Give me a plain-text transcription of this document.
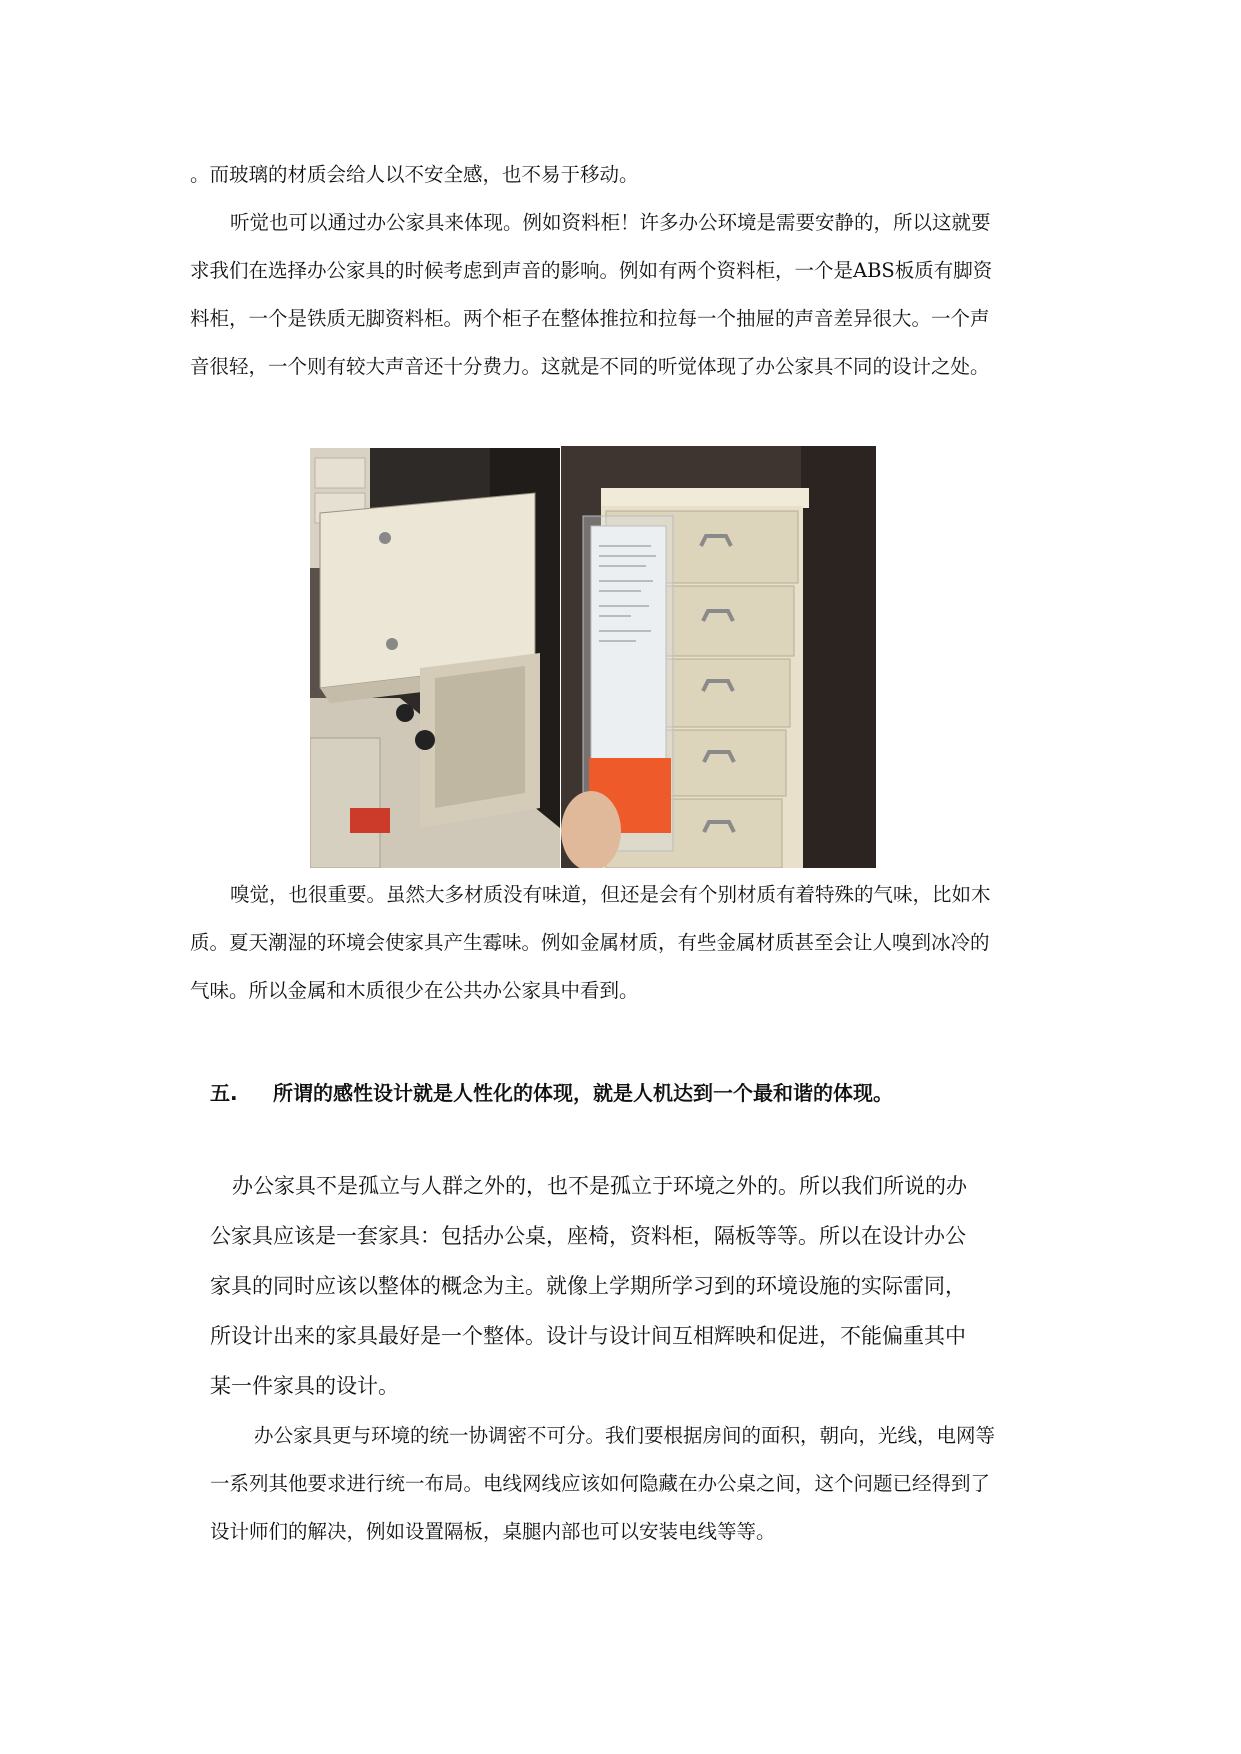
。而玻璃的材质会给人以不安全感，也不易于移动。
听觉也可以通过办公家具来体现。例如资料柜！许多办公环境是需要安静的，所以这就要
求我们在选择办公家具的时候考虑到声音的影响。例如有两个资料柜，一个是ABS板质有脚资
料柜，一个是铁质无脚资料柜。两个柜子在整体推拉和拉每一个抽屉的声音差异很大。一个声
音很轻，一个则有较大声音还十分费力。这就是不同的听觉体现了办公家具不同的设计之处。
嗅觉，也很重要。虽然大多材质没有味道，但还是会有个别材质有着特殊的气味，比如木
质。夏天潮湿的环境会使家具产生霉味。例如金属材质，有些金属材质甚至会让人嗅到冰冷的
气味。所以金属和木质很少在公共办公家具中看到。
五. 所谓的感性设计就是人性化的体现，就是人机达到一个最和谐的体现。
办公家具不是孤立与人群之外的，也不是孤立于环境之外的。所以我们所说的办
公家具应该是一套家具：包括办公桌，座椅，资料柜，隔板等等。所以在设计办公
家具的同时应该以整体的概念为主。就像上学期所学习到的环境设施的实际雷同，
所设计出来的家具最好是一个整体。设计与设计间互相辉映和促进，不能偏重其中
某一件家具的设计。
办公家具更与环境的统一协调密不可分。我们要根据房间的面积，朝向，光线，电网等
一系列其他要求进行统一布局。电线网线应该如何隐藏在办公桌之间，这个问题已经得到了
设计师们的解决，例如设置隔板，桌腿内部也可以安装电线等等。
